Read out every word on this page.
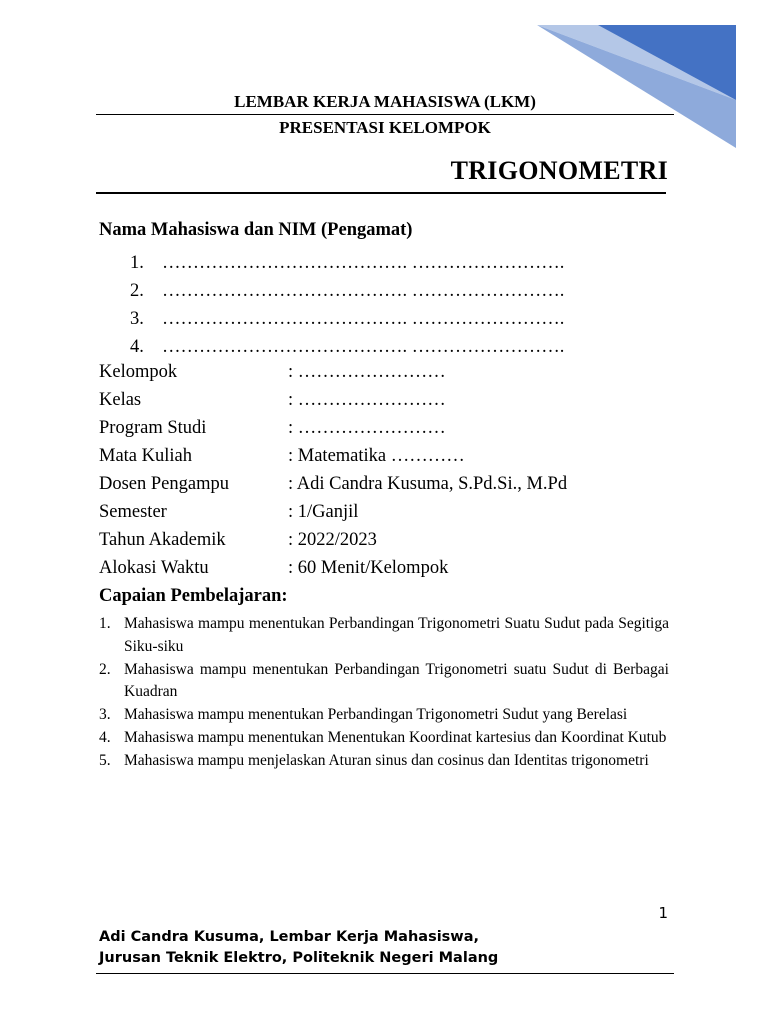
LEMBAR KERJA MAHASISWA (LKM)
PRESENTASI KELOMPOK
TRIGONOMETRI
Nama Mahasiswa dan NIM (Pengamat)
1. …………………………………. …………………….
2. …………………………………. …………………….
3. …………………………………. …………………….
4. …………………………………. …………………….
Kelompok	: ……………………
Kelas	: ……………………
Program Studi	: ……………………
Mata Kuliah	: Matematika …………
Dosen Pengampu	: Adi Candra Kusuma, S.Pd.Si., M.Pd
Semester	: 1/Ganjil
Tahun Akademik	: 2022/2023
Alokasi Waktu	: 60 Menit/Kelompok
Capaian Pembelajaran:
1. Mahasiswa mampu menentukan Perbandingan Trigonometri Suatu Sudut pada Segitiga Siku-siku
2. Mahasiswa mampu menentukan Perbandingan Trigonometri suatu Sudut di Berbagai Kuadran
3. Mahasiswa mampu menentukan Perbandingan Trigonometri Sudut yang Berelasi
4. Mahasiswa mampu menentukan Menentukan Koordinat kartesius dan Koordinat Kutub
5. Mahasiswa mampu menjelaskan Aturan sinus dan cosinus dan Identitas trigonometri
1
Adi Candra Kusuma, Lembar Kerja Mahasiswa,
Jurusan Teknik Elektro, Politeknik Negeri Malang
